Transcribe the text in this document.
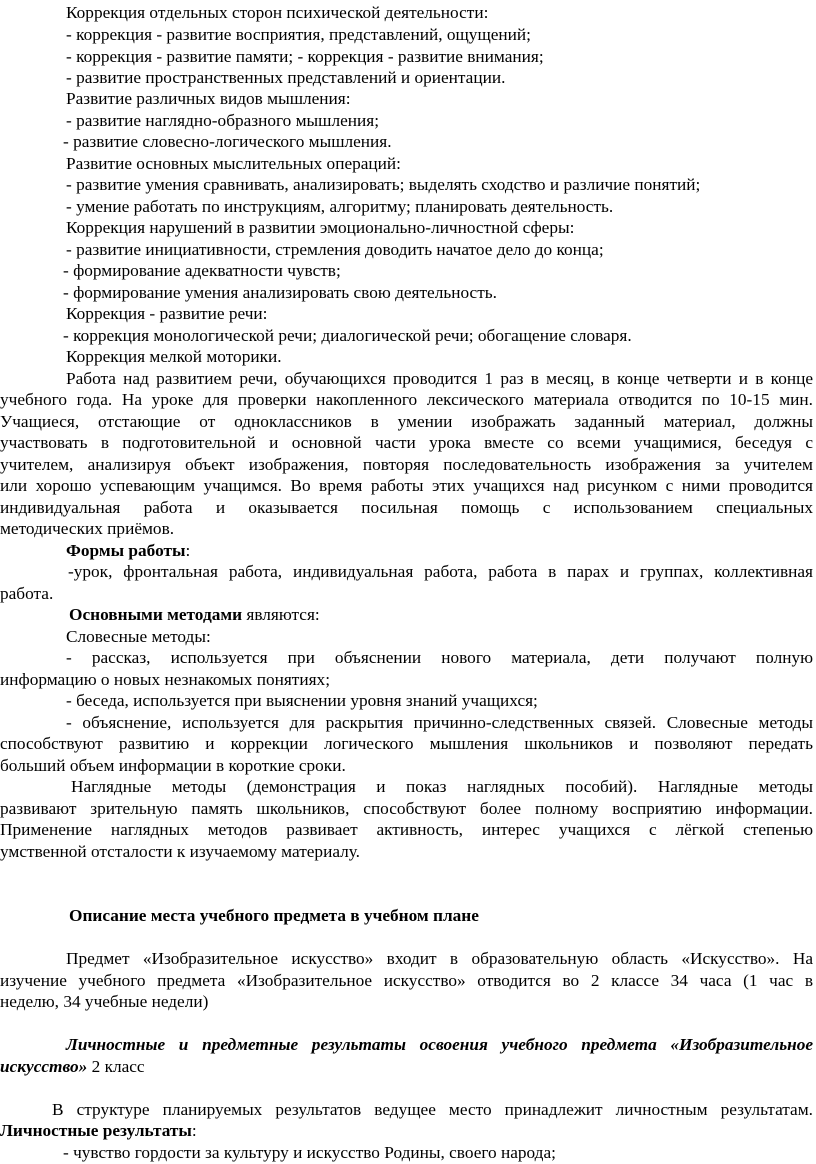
Коррекция отдельных сторон психической деятельности:
- коррекция - развитие восприятия, представлений, ощущений;
- коррекция - развитие памяти; - коррекция - развитие внимания;
- развитие пространственных представлений и ориентации.
Развитие различных видов мышления:
- развитие наглядно-образного мышления;
- развитие словесно-логического мышления.
Развитие основных мыслительных операций:
- развитие умения сравнивать, анализировать; выделять сходство и различие понятий;
- умение работать по инструкциям, алгоритму; планировать деятельность.
Коррекция нарушений в развитии эмоционально-личностной сферы:
- развитие инициативности, стремления доводить начатое дело до конца;
- формирование адекватности чувств;
- формирование умения анализировать свою деятельность.
Коррекция - развитие речи:
- коррекция монологической речи; диалогической речи; обогащение словаря.
Коррекция мелкой моторики.
Работа над развитием речи, обучающихся проводится 1 раз в месяц, в конце четверти и в конце
учебного года. На уроке для проверки накопленного лексического материала отводится по 10-15 мин.
Учащиеся, отстающие от одноклассников в умении изображать заданный материал, должны
участвовать в подготовительной и основной части урока вместе со всеми учащимися, беседуя с
учителем, анализируя объект изображения, повторяя последовательность изображения за учителем
или хорошо успевающим учащимся. Во время работы этих учащихся над рисунком с ними проводится
индивидуальная работа и оказывается посильная помощь с использованием специальных
методических приёмов.
Формы работы:
-урок, фронтальная работа, индивидуальная работа, работа в парах и группах, коллективная
работа.
Основными методами являются:
Словесные методы:
- рассказ, используется при объяснении нового материала, дети получают полную
информацию о новых незнакомых понятиях;
- беседа, используется при выяснении уровня знаний учащихся;
- объяснение, используется для раскрытия причинно-следственных связей. Словесные методы
способствуют развитию и коррекции логического мышления школьников и позволяют передать
больший объем информации в короткие сроки.
Наглядные методы (демонстрация и показ наглядных пособий). Наглядные методы
развивают зрительную память школьников, способствуют более полному восприятию информации.
Применение наглядных методов развивает активность, интерес учащихся с лёгкой степенью
умственной отсталости к изучаемому материалу.
Описание места учебного предмета в учебном плане
Предмет «Изобразительное искусство» входит в образовательную область «Искусство». На
изучение учебного предмета «Изобразительное искусство» отводится во 2 классе 34 часа (1 час в
неделю, 34 учебные недели)
Личностные и предметные результаты освоения учебного предмета «Изобразительное
искусство» 2 класс
В структуре планируемых результатов ведущее место принадлежит личностным результатам.
Личностные результаты:
- чувство гордости за культуру и искусство Родины, своего народа;
